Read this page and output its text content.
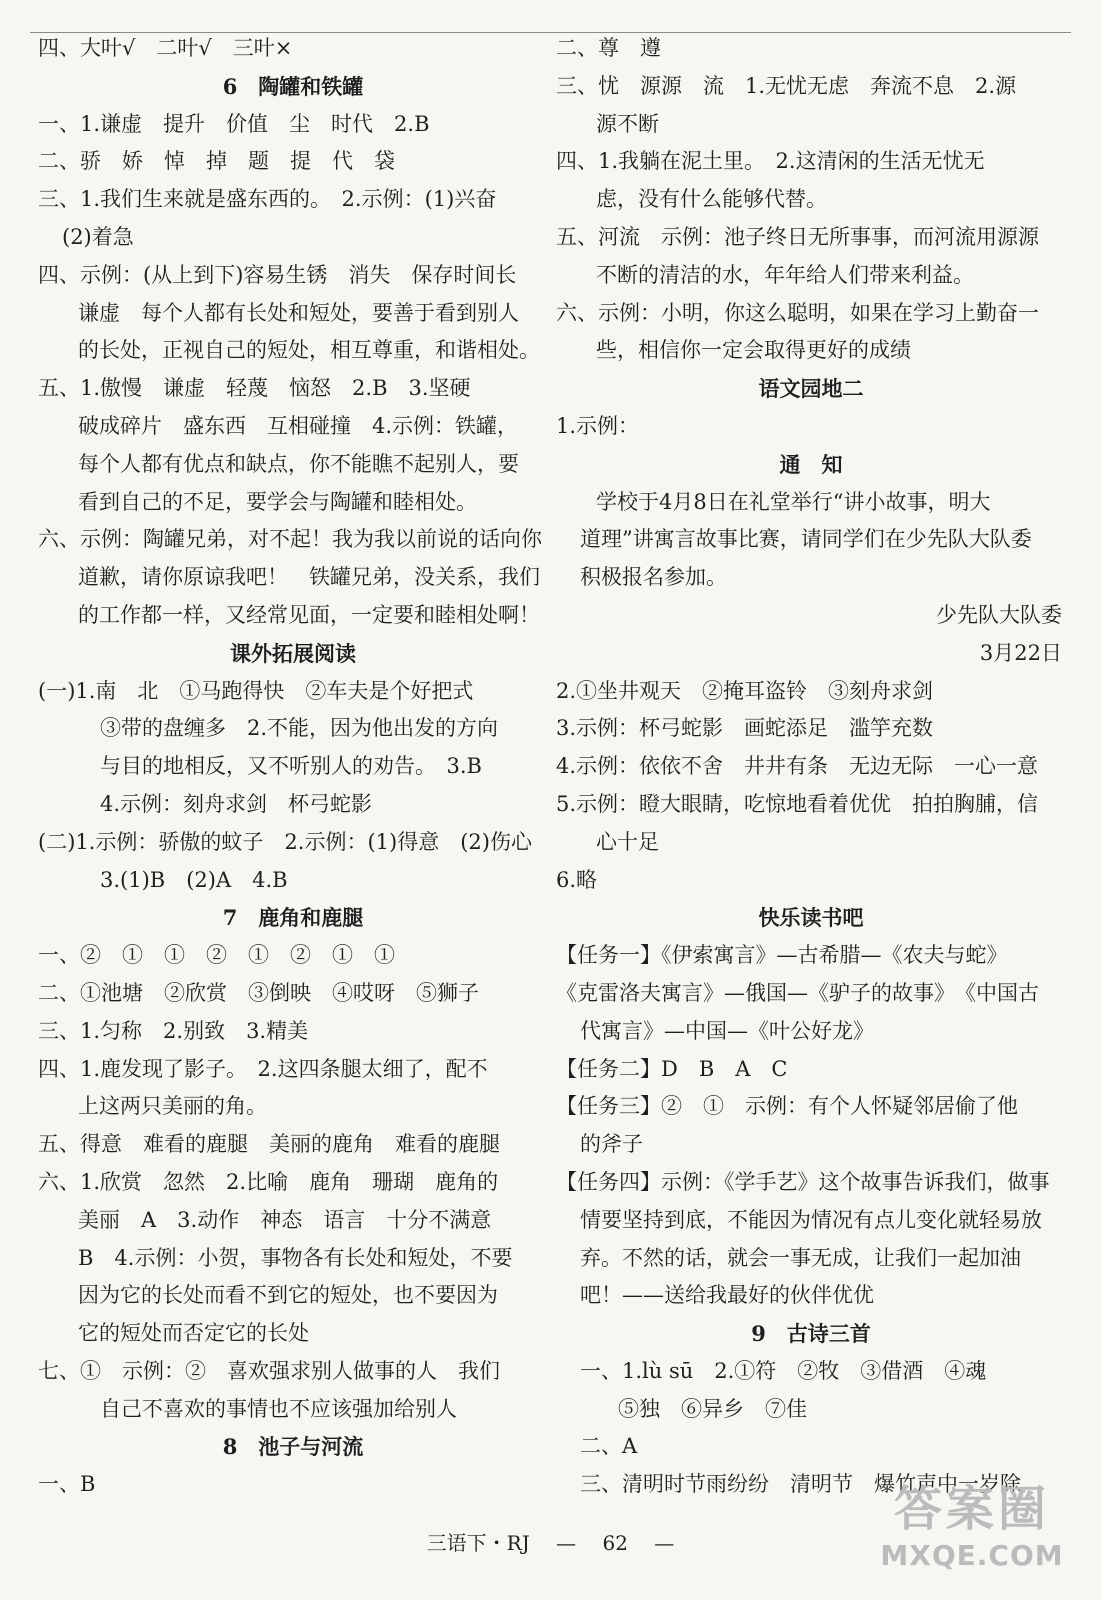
四、大叶√　二叶√　三叶×
6　陶罐和铁罐
一、1.谦虚　提升　价值　尘　时代　2.B
二、骄　娇　悼　掉　题　提　代　袋
三、1.我们生来就是盛东西的。　2.示例：(1)兴奋
(2)着急
四、示例：(从上到下)容易生锈　消失　保存时间长
谦虚　每个人都有长处和短处，要善于看到别人
的长处，正视自己的短处，相互尊重，和谐相处。
五、1.傲慢　谦虚　轻蔑　恼怒　2.B　3.坚硬
破成碎片　盛东西　互相碰撞　4.示例：铁罐，
每个人都有优点和缺点，你不能瞧不起别人，要
看到自己的不足，要学会与陶罐和睦相处。
六、示例：陶罐兄弟，对不起！我为我以前说的话向你
道歉，请你原谅我吧！　铁罐兄弟，没关系，我们
的工作都一样，又经常见面，一定要和睦相处啊！
课外拓展阅读
(一)1.南　北　①马跑得快　②车夫是个好把式
③带的盘缠多　2.不能，因为他出发的方向
与目的地相反，又不听别人的劝告。　3.B
4.示例：刻舟求剑　杯弓蛇影
(二)1.示例：骄傲的蚊子　2.示例：(1)得意　(2)伤心
3.(1)B　(2)A　4.B
7　鹿角和鹿腿
一、②　①　①　②　①　②　①　①
二、①池塘　②欣赏　③倒映　④哎呀　⑤狮子
三、1.匀称　2.别致　3.精美
四、1.鹿发现了影子。　2.这四条腿太细了，配不
上这两只美丽的角。
五、得意　难看的鹿腿　美丽的鹿角　难看的鹿腿
六、1.欣赏　忽然　2.比喻　鹿角　珊瑚　鹿角的
美丽　A　3.动作　神态　语言　十分不满意
B　4.示例：小贺，事物各有长处和短处，不要
因为它的长处而看不到它的短处，也不要因为
它的短处而否定它的长处
七、①　示例：②　喜欢强求别人做事的人　我们
自己不喜欢的事情也不应该强加给别人
8　池子与河流
一、B
二、尊　遵
三、忧　源源　流　1.无忧无虑　奔流不息　2.源
源不断
四、1.我躺在泥土里。　2.这清闲的生活无忧无
虑，没有什么能够代替。
五、河流　示例：池子终日无所事事，而河流用源源
不断的清洁的水，年年给人们带来利益。
六、示例：小明，你这么聪明，如果在学习上勤奋一
些，相信你一定会取得更好的成绩
语文园地二
1.示例：
通　知
学校于4月8日在礼堂举行“讲小故事，明大
道理”讲寓言故事比赛，请同学们在少先队大队委
积极报名参加。
少先队大队委
3月22日
2.①坐井观天　②掩耳盗铃　③刻舟求剑
3.示例：杯弓蛇影　画蛇添足　滥竽充数
4.示例：依依不舍　井井有条　无边无际　一心一意
5.示例：瞪大眼睛，吃惊地看着优优　拍拍胸脯，信
心十足
6.略
快乐读书吧
【任务一】《伊索寓言》—古希腊—《农夫与蛇》
《克雷洛夫寓言》—俄国—《驴子的故事》　《中国古
代寓言》—中国—《叶公好龙》
【任务二】D　B　A　C
【任务三】②　①　示例：有个人怀疑邻居偷了他
的斧子
【任务四】示例：《学手艺》这个故事告诉我们，做事
情要坚持到底，不能因为情况有点儿变化就轻易放
弃。不然的话，就会一事无成，让我们一起加油
吧！——送给我最好的伙伴优优
9　古诗三首
一、1.lù sū　2.①符　②牧　③借酒　④魂
⑤独　⑥异乡　⑦佳
二、A
三、清明时节雨纷纷　清明节　爆竹声中一岁除
三语下・RJ — 62 —
答案圈
MXQE.COM
